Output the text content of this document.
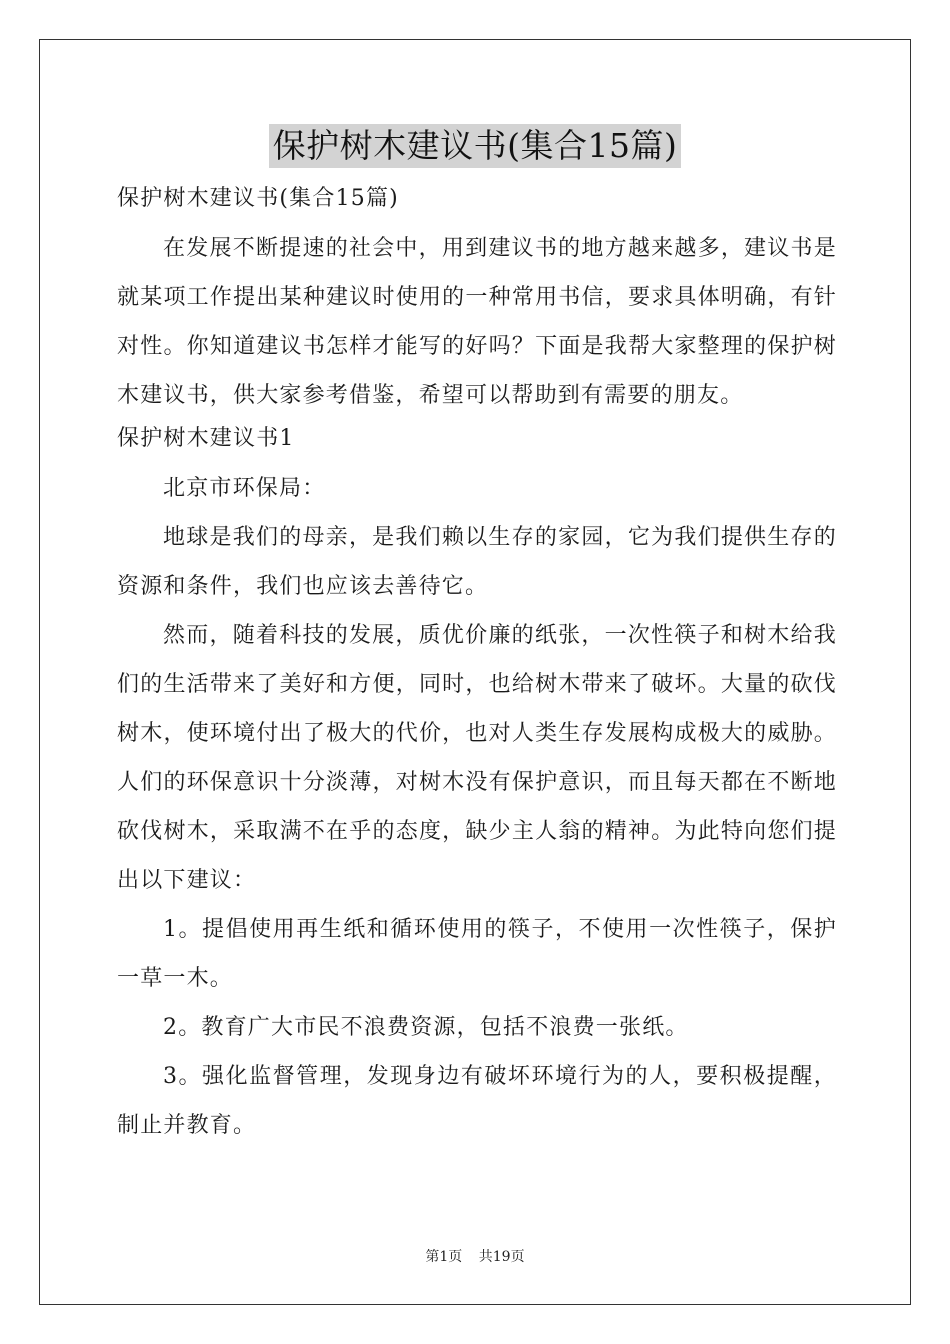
保护树木建议书(集合15篇)

保护树木建议书(集合15篇)

在发展不断提速的社会中，用到建议书的地方越来越多，建议书是就某项工作提出某种建议时使用的一种常用书信，要求具体明确，有针对性。你知道建议书怎样才能写的好吗？下面是我帮大家整理的保护树木建议书，供大家参考借鉴，希望可以帮助到有需要的朋友。

保护树木建议书1

北京市环保局：

地球是我们的母亲，是我们赖以生存的家园，它为我们提供生存的资源和条件，我们也应该去善待它。

然而，随着科技的发展，质优价廉的纸张，一次性筷子和树木给我们的生活带来了美好和方便，同时，也给树木带来了破坏。大量的砍伐树木，使环境付出了极大的代价，也对人类生存发展构成极大的威胁。人们的环保意识十分淡薄，对树木没有保护意识，而且每天都在不断地砍伐树木，采取满不在乎的态度，缺少主人翁的精神。为此特向您们提出以下建议：

1。提倡使用再生纸和循环使用的筷子，不使用一次性筷子，保护一草一木。

2。教育广大市民不浪费资源，包括不浪费一张纸。

3。强化监督管理，发现身边有破坏环境行为的人，要积极提醒，制止并教育。

第1页 共19页
